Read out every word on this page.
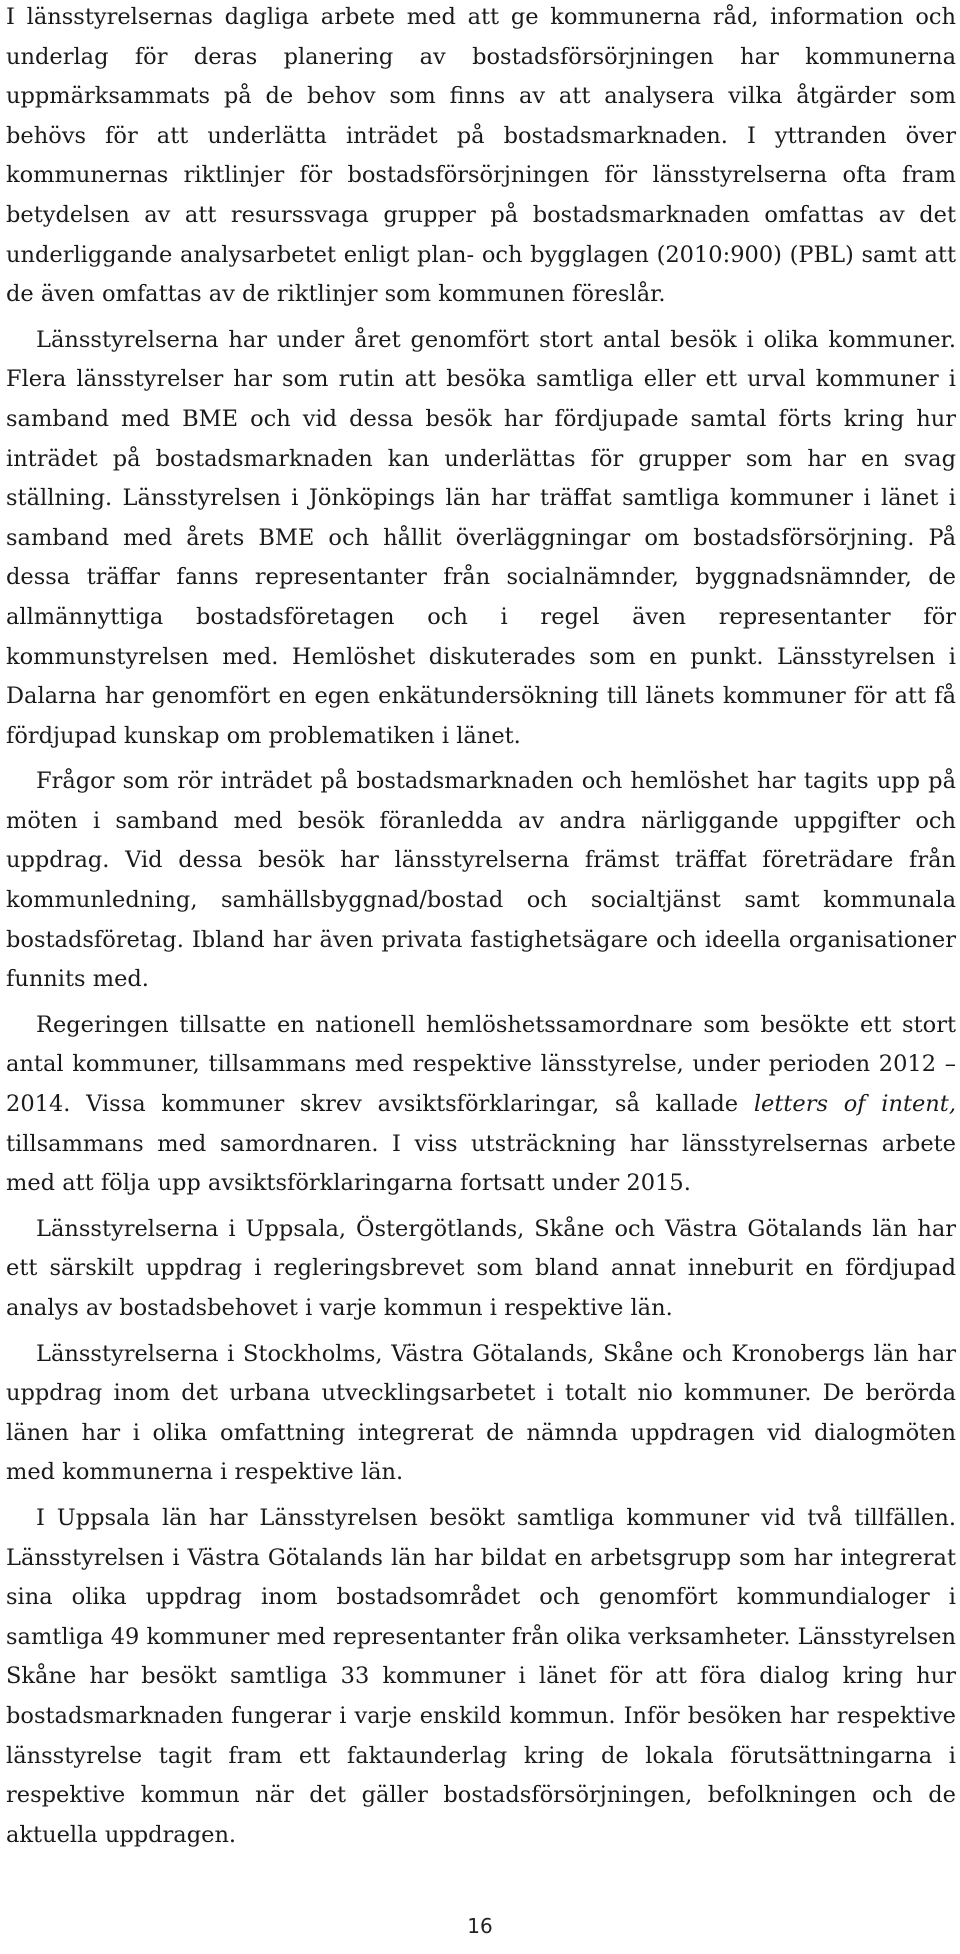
I länsstyrelsernas dagliga arbete med att ge kommunerna råd, information och underlag för deras planering av bostadsförsörjningen har kommunerna uppmärksammats på de behov som finns av att analysera vilka åtgärder som behövs för att underlätta inträdet på bostadsmarknaden. I yttranden över kommunernas riktlinjer för bostadsförsörjningen för länsstyrelserna ofta fram betydelsen av att resurssvaga grupper på bostadsmarknaden omfattas av det underliggande analysarbetet enligt plan- och bygglagen (2010:900) (PBL) samt att de även omfattas av de riktlinjer som kommunen föreslår.

Länsstyrelserna har under året genomfört stort antal besök i olika kommuner. Flera länsstyrelser har som rutin att besöka samtliga eller ett urval kommuner i samband med BME och vid dessa besök har fördjupade samtal förts kring hur inträdet på bostadsmarknaden kan underlättas för grupper som har en svag ställning. Länsstyrelsen i Jönköpings län har träffat samtliga kommuner i länet i samband med årets BME och hållit överläggningar om bostadsförsörjning. På dessa träffar fanns representanter från socialnämnder, byggnadsnämnder, de allmännyttiga bostadsföretagen och i regel även representanter för kommunstyrelsen med. Hemlöshet diskuterades som en punkt. Länsstyrelsen i Dalarna har genomfört en egen enkätundersökning till länets kommuner för att få fördjupad kunskap om problematiken i länet.

Frågor som rör inträdet på bostadsmarknaden och hemlöshet har tagits upp på möten i samband med besök föranledda av andra närliggande uppgifter och uppdrag. Vid dessa besök har länsstyrelserna främst träffat företrädare från kommunledning, samhällsbyggnad/bostad och socialtjänst samt kommunala bostadsföretag. Ibland har även privata fastighetsägare och ideella organisationer funnits med.

Regeringen tillsatte en nationell hemlöshetssamordnare som besökte ett stort antal kommuner, tillsammans med respektive länsstyrelse, under perioden 2012 – 2014. Vissa kommuner skrev avsiktsförklaringar, så kallade letters of intent, tillsammans med samordnaren. I viss utsträckning har länsstyrelsernas arbete med att följa upp avsiktsförklaringarna fortsatt under 2015.

Länsstyrelserna i Uppsala, Östergötlands, Skåne och Västra Götalands län har ett särskilt uppdrag i regleringsbrevet som bland annat inneburit en fördjupad analys av bostadsbehovet i varje kommun i respektive län.

Länsstyrelserna i Stockholms, Västra Götalands, Skåne och Kronobergs län har uppdrag inom det urbana utvecklingsarbetet i totalt nio kommuner. De berörda länen har i olika omfattning integrerat de nämnda uppdragen vid dialogmöten med kommunerna i respektive län.

I Uppsala län har Länsstyrelsen besökt samtliga kommuner vid två tillfällen. Länsstyrelsen i Västra Götalands län har bildat en arbetsgrupp som har integrerat sina olika uppdrag inom bostadsområdet och genomfört kommundialoger i samtliga 49 kommuner med representanter från olika verksamheter. Länsstyrelsen Skåne har besökt samtliga 33 kommuner i länet för att föra dialog kring hur bostadsmarknaden fungerar i varje enskild kommun. Inför besöken har respektive länsstyrelse tagit fram ett faktaunderlag kring de lokala förutsättningarna i respektive kommun när det gäller bostadsförsörjningen, befolkningen och de aktuella uppdragen.

16
